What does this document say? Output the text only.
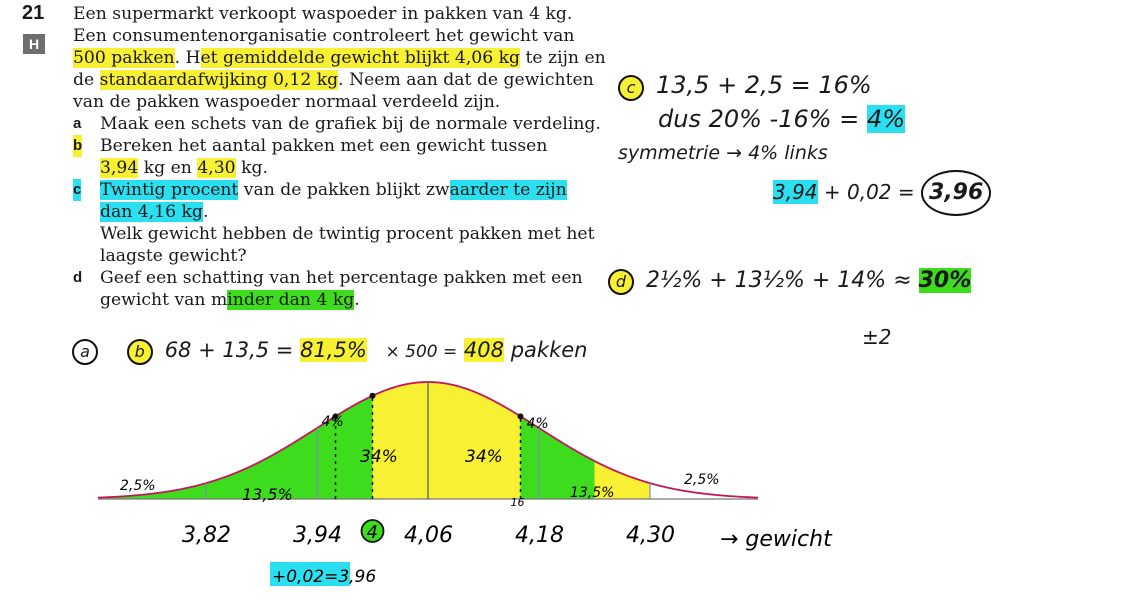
21
H

Een supermarkt verkoopt waspoeder in pakken van 4 kg.

Een consumentenorganisatie controleert het gewicht van

500 pakken. Het gemiddelde gewicht blijkt 4,06 kg te zijn en

de standaardafwijking 0,12 kg. Neem aan dat de gewichten

van de pakken waspoeder normaal verdeeld zijn.

a Maak een schets van de grafiek bij de normale verdeling.

b Bereken het aantal pakken met een gewicht tussen

3,94 kg en 4,30 kg.

c Twintig procent van de pakken blijkt zwaarder te zijn

dan 4,16 kg.

Welk gewicht hebben de twintig procent pakken met het

laagste gewicht?

d Geef een schatting van het percentage pakken met een

gewicht van minder dan 4 kg.

c 13,5 + 2,5 = 16%
dus 20% -16% = 4%
symmetrie → 4% links
3,94 + 0,02 = 3,96
d 2½% + 13½% + 14% ≈ 30%
±2
a	b 68 + 13,5 = 81,5% × 500 = 408 pakken
3,82	3,94	4,06	4,18	4,30
4
2,5%	13,5%
34%	34%
13,5%
2,5%
4%	4%
16
→ gewicht
+0,02=3,96
